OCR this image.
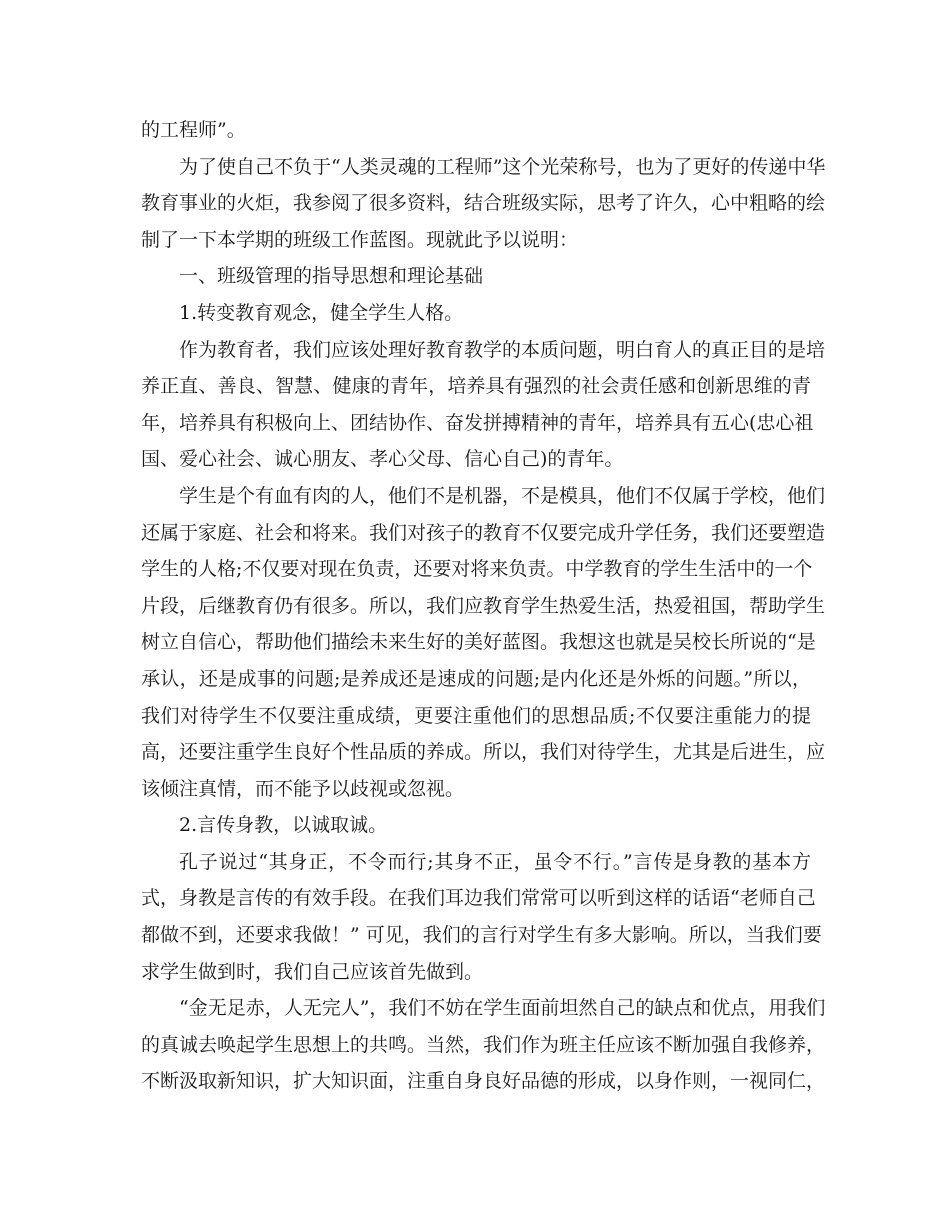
的工程师”。
为了使自己不负于“人类灵魂的工程师”这个光荣称号，也为了更好的传递中华
教育事业的火炬，我参阅了很多资料，结合班级实际，思考了许久，心中粗略的绘
制了一下本学期的班级工作蓝图。现就此予以说明：
一、班级管理的指导思想和理论基础
1.转变教育观念，健全学生人格。
作为教育者，我们应该处理好教育教学的本质问题，明白育人的真正目的是培
养正直、善良、智慧、健康的青年，培养具有强烈的社会责任感和创新思维的青
年，培养具有积极向上、团结协作、奋发拼搏精神的青年，培养具有五心(忠心祖
国、爱心社会、诚心朋友、孝心父母、信心自己)的青年。
学生是个有血有肉的人，他们不是机器，不是模具，他们不仅属于学校，他们
还属于家庭、社会和将来。我们对孩子的教育不仅要完成升学任务，我们还要塑造
学生的人格;不仅要对现在负责，还要对将来负责。中学教育的学生生活中的一个
片段，后继教育仍有很多。所以，我们应教育学生热爱生活，热爱祖国，帮助学生
树立自信心，帮助他们描绘未来生好的美好蓝图。我想这也就是吴校长所说的“是
承认，还是成事的问题;是养成还是速成的问题;是内化还是外烁的问题。”所以，
我们对待学生不仅要注重成绩，更要注重他们的思想品质;不仅要注重能力的提
高，还要注重学生良好个性品质的养成。所以，我们对待学生，尤其是后进生，应
该倾注真情，而不能予以歧视或忽视。
2.言传身教，以诚取诚。
孔子说过“其身正，不令而行;其身不正，虽令不行。”言传是身教的基本方
式，身教是言传的有效手段。在我们耳边我们常常可以听到这样的话语“老师自己
都做不到，还要求我做！” 可见，我们的言行对学生有多大影响。所以，当我们要
求学生做到时，我们自己应该首先做到。
“金无足赤，人无完人”，我们不妨在学生面前坦然自己的缺点和优点，用我们
的真诚去唤起学生思想上的共鸣。当然，我们作为班主任应该不断加强自我修养，
不断汲取新知识，扩大知识面，注重自身良好品德的形成，以身作则，一视同仁，
